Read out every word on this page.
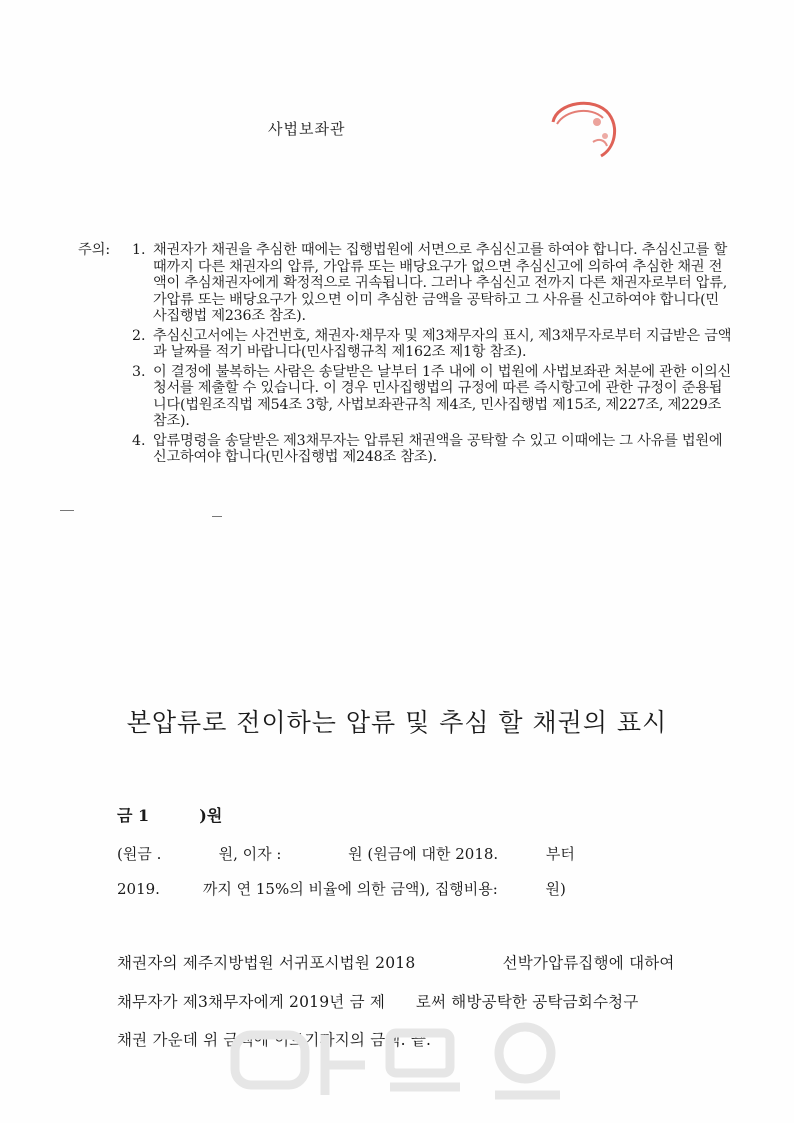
사법보좌관
주의: 1. 채권자가 채권을 추심한 때에는 집행법원에 서면으로 추심신고를 하여야 합니다. 추심신고를 할 때까지 다른 채권자의 압류, 가압류 또는 배당요구가 없으면 추심신고에 의하여 추심한 채권 전액이 추심채권자에게 확정적으로 귀속됩니다. 그러나 추심신고 전까지 다른 채권자로부터 압류, 가압류 또는 배당요구가 있으면 이미 추심한 금액을 공탁하고 그 사유를 신고하여야 합니다(민사집행법 제236조 참조).
2. 추심신고서에는 사건번호, 채권자·채무자 및 제3채무자의 표시, 제3채무자로부터 지급받은 금액과 날짜를 적기 바랍니다(민사집행규칙 제162조 제1항 참조).
3. 이 결정에 불복하는 사람은 송달받은 날부터 1주 내에 이 법원에 사법보좌관 처분에 관한 이의신청서를 제출할 수 있습니다. 이 경우 민사집행법의 규정에 따른 즉시항고에 관한 규정이 준용됩니다(법원조직법 제54조 3항, 사법보좌관규칙 제4조, 민사집행법 제15조, 제227조, 제229조 참조).
4. 압류명령을 송달받은 제3채무자는 압류된 채권액을 공탁할 수 있고 이때에는 그 사유를 법원에 신고하여야 합니다(민사집행법 제248조 참조).
본압류로 전이하는 압류 및 추심 할 채권의 표시
금 1         )원
(원금 .            원, 이자 :              원 (원금에 대한 2018.          부터
2019.         까지 연 15%의 비율에 의한 금액), 집행비용:          원)
채권자의 제주지방법원 서귀포시법원 2018                 선박가압류집행에 대하여
채무자가 제3채무자에게 2019년 금 제      로써 해방공탁한 공탁금회수청구
채권 가운데 위 금액에 이르기까지의 금액. 끝.
